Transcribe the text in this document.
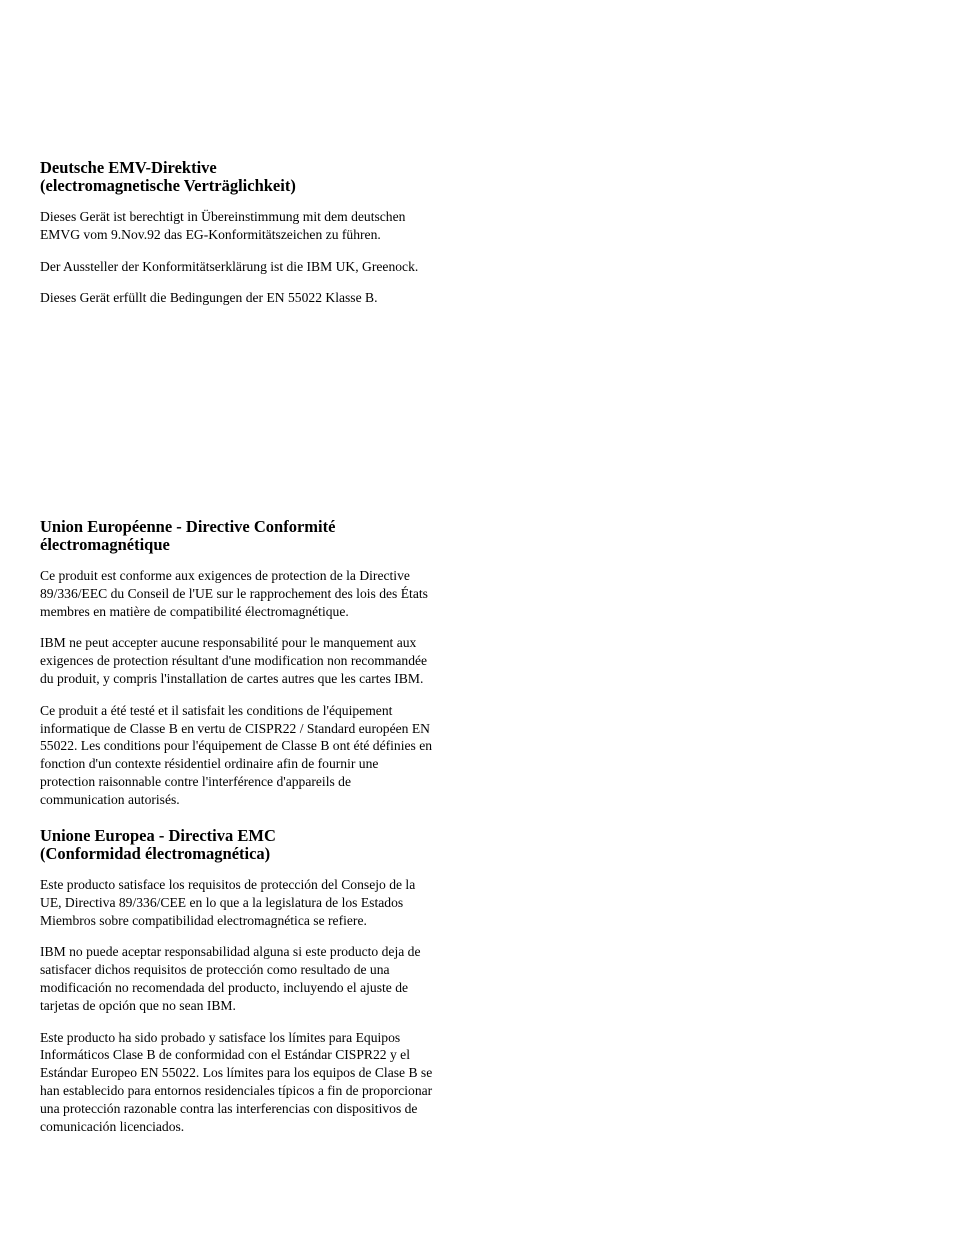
Deutsche EMV-Direktive
(electromagnetische Verträglichkeit)
Dieses Gerät ist berechtigt in Übereinstimmung mit dem deutschen
EMVG vom 9.Nov.92 das EG-Konformitätszeichen zu führen.
Der Aussteller der Konformitätserklärung ist die IBM UK, Greenock.
Dieses Gerät erfüllt die Bedingungen der EN 55022 Klasse B.
Union Européenne - Directive Conformité
électromagnétique
Ce produit est conforme aux exigences de protection de la Directive
89/336/EEC du Conseil de l'UE sur le rapprochement des lois des États
membres en matière de compatibilité électromagnétique.
IBM ne peut accepter aucune responsabilité pour le manquement aux
exigences de protection résultant d'une modification non recommandée
du produit, y compris l'installation de cartes autres que les cartes IBM.
Ce produit a été testé et il satisfait les conditions de l'équipement
informatique de Classe B en vertu de CISPR22 / Standard européen EN
55022. Les conditions pour l'équipement de Classe B ont été définies en
fonction d'un contexte résidentiel ordinaire afin de fournir une
protection raisonnable contre l'interférence d'appareils de
communication autorisés.
Unione Europea - Directiva EMC
(Conformidad électromagnética)
Este producto satisface los requisitos de protección del Consejo de la
UE, Directiva 89/336/CEE en lo que a la legislatura de los Estados
Miembros sobre compatibilidad electromagnética se refiere.
IBM no puede aceptar responsabilidad alguna si este producto deja de
satisfacer dichos requisitos de protección como resultado de una
modificación no recomendada del producto, incluyendo el ajuste de
tarjetas de opción que no sean IBM.
Este producto ha sido probado y satisface los límites para Equipos
Informáticos Clase B de conformidad con el Estándar CISPR22 y el
Estándar Europeo EN 55022. Los límites para los equipos de Clase B se
han establecido para entornos residenciales típicos a fin de proporcionar
una protección razonable contra las interferencias con dispositivos de
comunicación licenciados.
